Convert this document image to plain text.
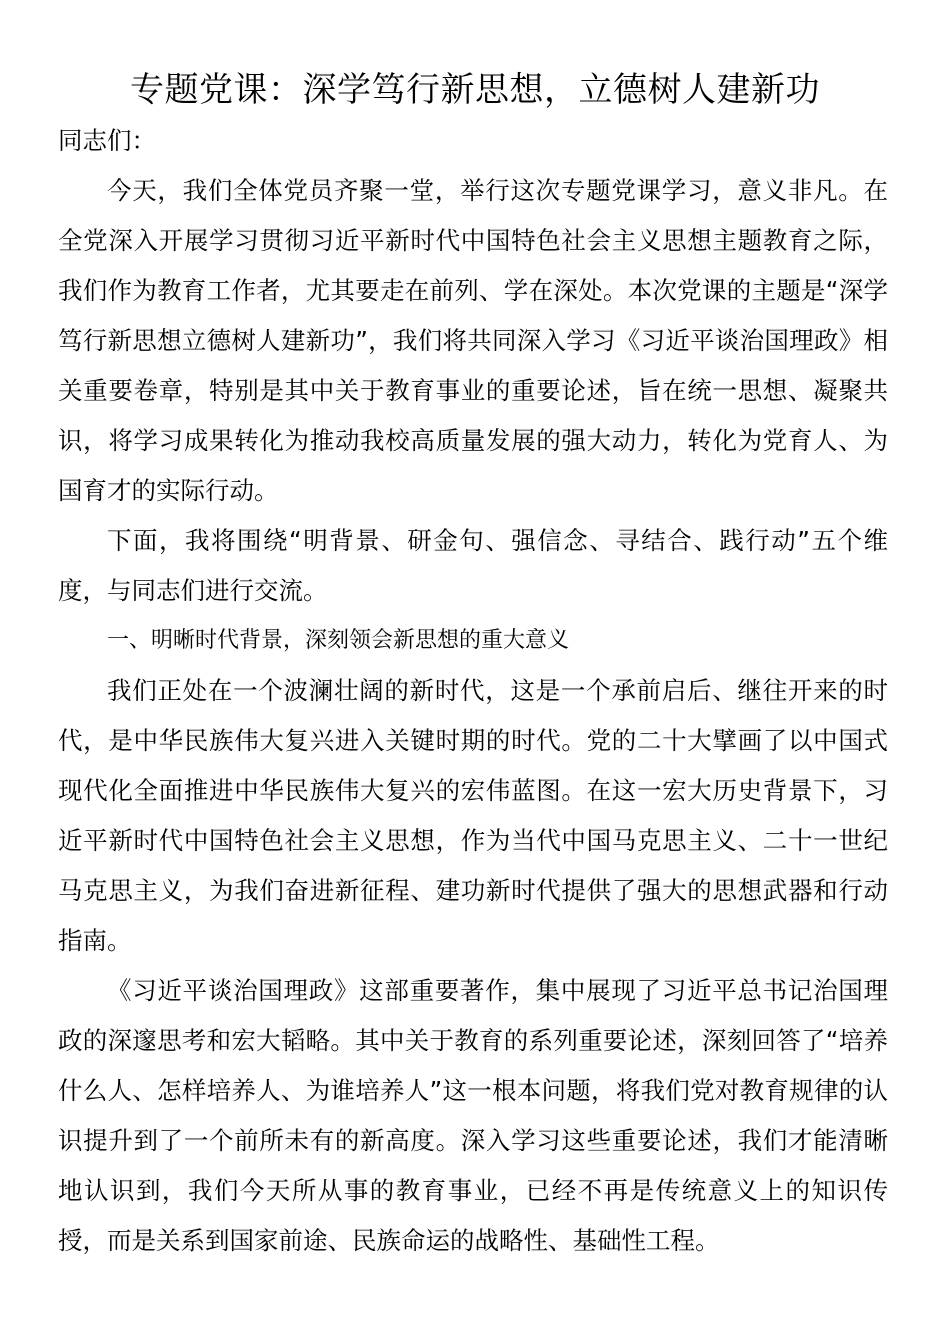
专题党课：深学笃行新思想，立德树人建新功

同志们：

今天，我们全体党员齐聚一堂，举行这次专题党课学习，意义非凡。在全党深入开展学习贯彻习近平新时代中国特色社会主义思想主题教育之际，我们作为教育工作者，尤其要走在前列、学在深处。本次党课的主题是“深学笃行新思想立德树人建新功”，我们将共同深入学习《习近平谈治国理政》相关重要卷章，特别是其中关于教育事业的重要论述，旨在统一思想、凝聚共识，将学习成果转化为推动我校高质量发展的强大动力，转化为党育人、为国育才的实际行动。

下面，我将围绕“明背景、研金句、强信念、寻结合、践行动”五个维度，与同志们进行交流。

一、明晰时代背景，深刻领会新思想的重大意义

我们正处在一个波澜壮阔的新时代，这是一个承前启后、继往开来的时代，是中华民族伟大复兴进入关键时期的时代。党的二十大擘画了以中国式现代化全面推进中华民族伟大复兴的宏伟蓝图。在这一宏大历史背景下，习近平新时代中国特色社会主义思想，作为当代中国马克思主义、二十一世纪马克思主义，为我们奋进新征程、建功新时代提供了强大的思想武器和行动指南。

《习近平谈治国理政》这部重要著作，集中展现了习近平总书记治国理政的深邃思考和宏大韬略。其中关于教育的系列重要论述，深刻回答了“培养什么人、怎样培养人、为谁培养人”这一根本问题，将我们党对教育规律的认识提升到了一个前所未有的新高度。深入学习这些重要论述，我们才能清晰地认识到，我们今天所从事的教育事业，已经不再是传统意义上的知识传授，而是关系到国家前途、民族命运的战略性、基础性工程。
